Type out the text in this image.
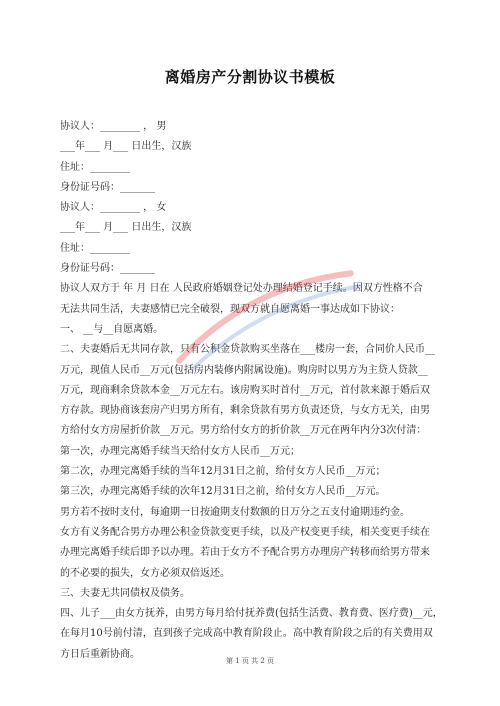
离婚房产分割协议书模板
协议人：________ ， 男
___年___ 月___ 日出生，汉族
住址：________
身份证号码：_______
协议人：________ ， 女
___年___ 月___ 日出生，汉族
住址：________
身份证号码：_______
协议人双方于 年 月 日在 人民政府婚姻登记处办理结婚登记手续。因双方性格不合
无法共同生活，夫妻感情已完全破裂，现双方就自愿离婚一事达成如下协议：
一、 __与__自愿离婚。
二、夫妻婚后无共同存款，只有公积金贷款购买坐落在___楼房一套，合同价人民币__
万元，现值人民币__万元(包括房内装修内附属设施)。购房时以男方为主贷人贷款__
万元，现商剩余贷款本金__万元左右。该房购买时首付__万元，首付款来源于婚后双
方存款。现协商该套房产归男方所有，剩余贷款有男方负责还贷，与女方无关，由男
方给付女方房屋折价款__万元。男方给付女方的折价款__万元在两年内分3次付清：
第一次，办理完离婚手续当天给付女方人民币__万元；
第二次，办理完离婚手续的当年12月31日之前，给付女方人民币__万元；
第三次，办理完离婚手续的次年12月31日之前，给付女方人民币__万元。
男方若不按时支付，每逾期一日按逾期支付数额的日万分之五支付逾期违约金。
女方有义务配合男方办理公积金贷款变更手续，以及产权变更手续，相关变更手续在
办理完离婚手续后即予以办理。若由于女方不予配合男方办理房产转移而给男方带来
的不必要的损失，女方必须双倍返还。
三、夫妻无共同债权及债务。
四、儿子___由女方抚养，由男方每月给付抚养费(包括生活费、教育费、医疗费)__元，
在每月10号前付清，直到孩子完成高中教育阶段止。高中教育阶段之后的有关费用双
方日后重新协商。
第 1 页 共 2 页
